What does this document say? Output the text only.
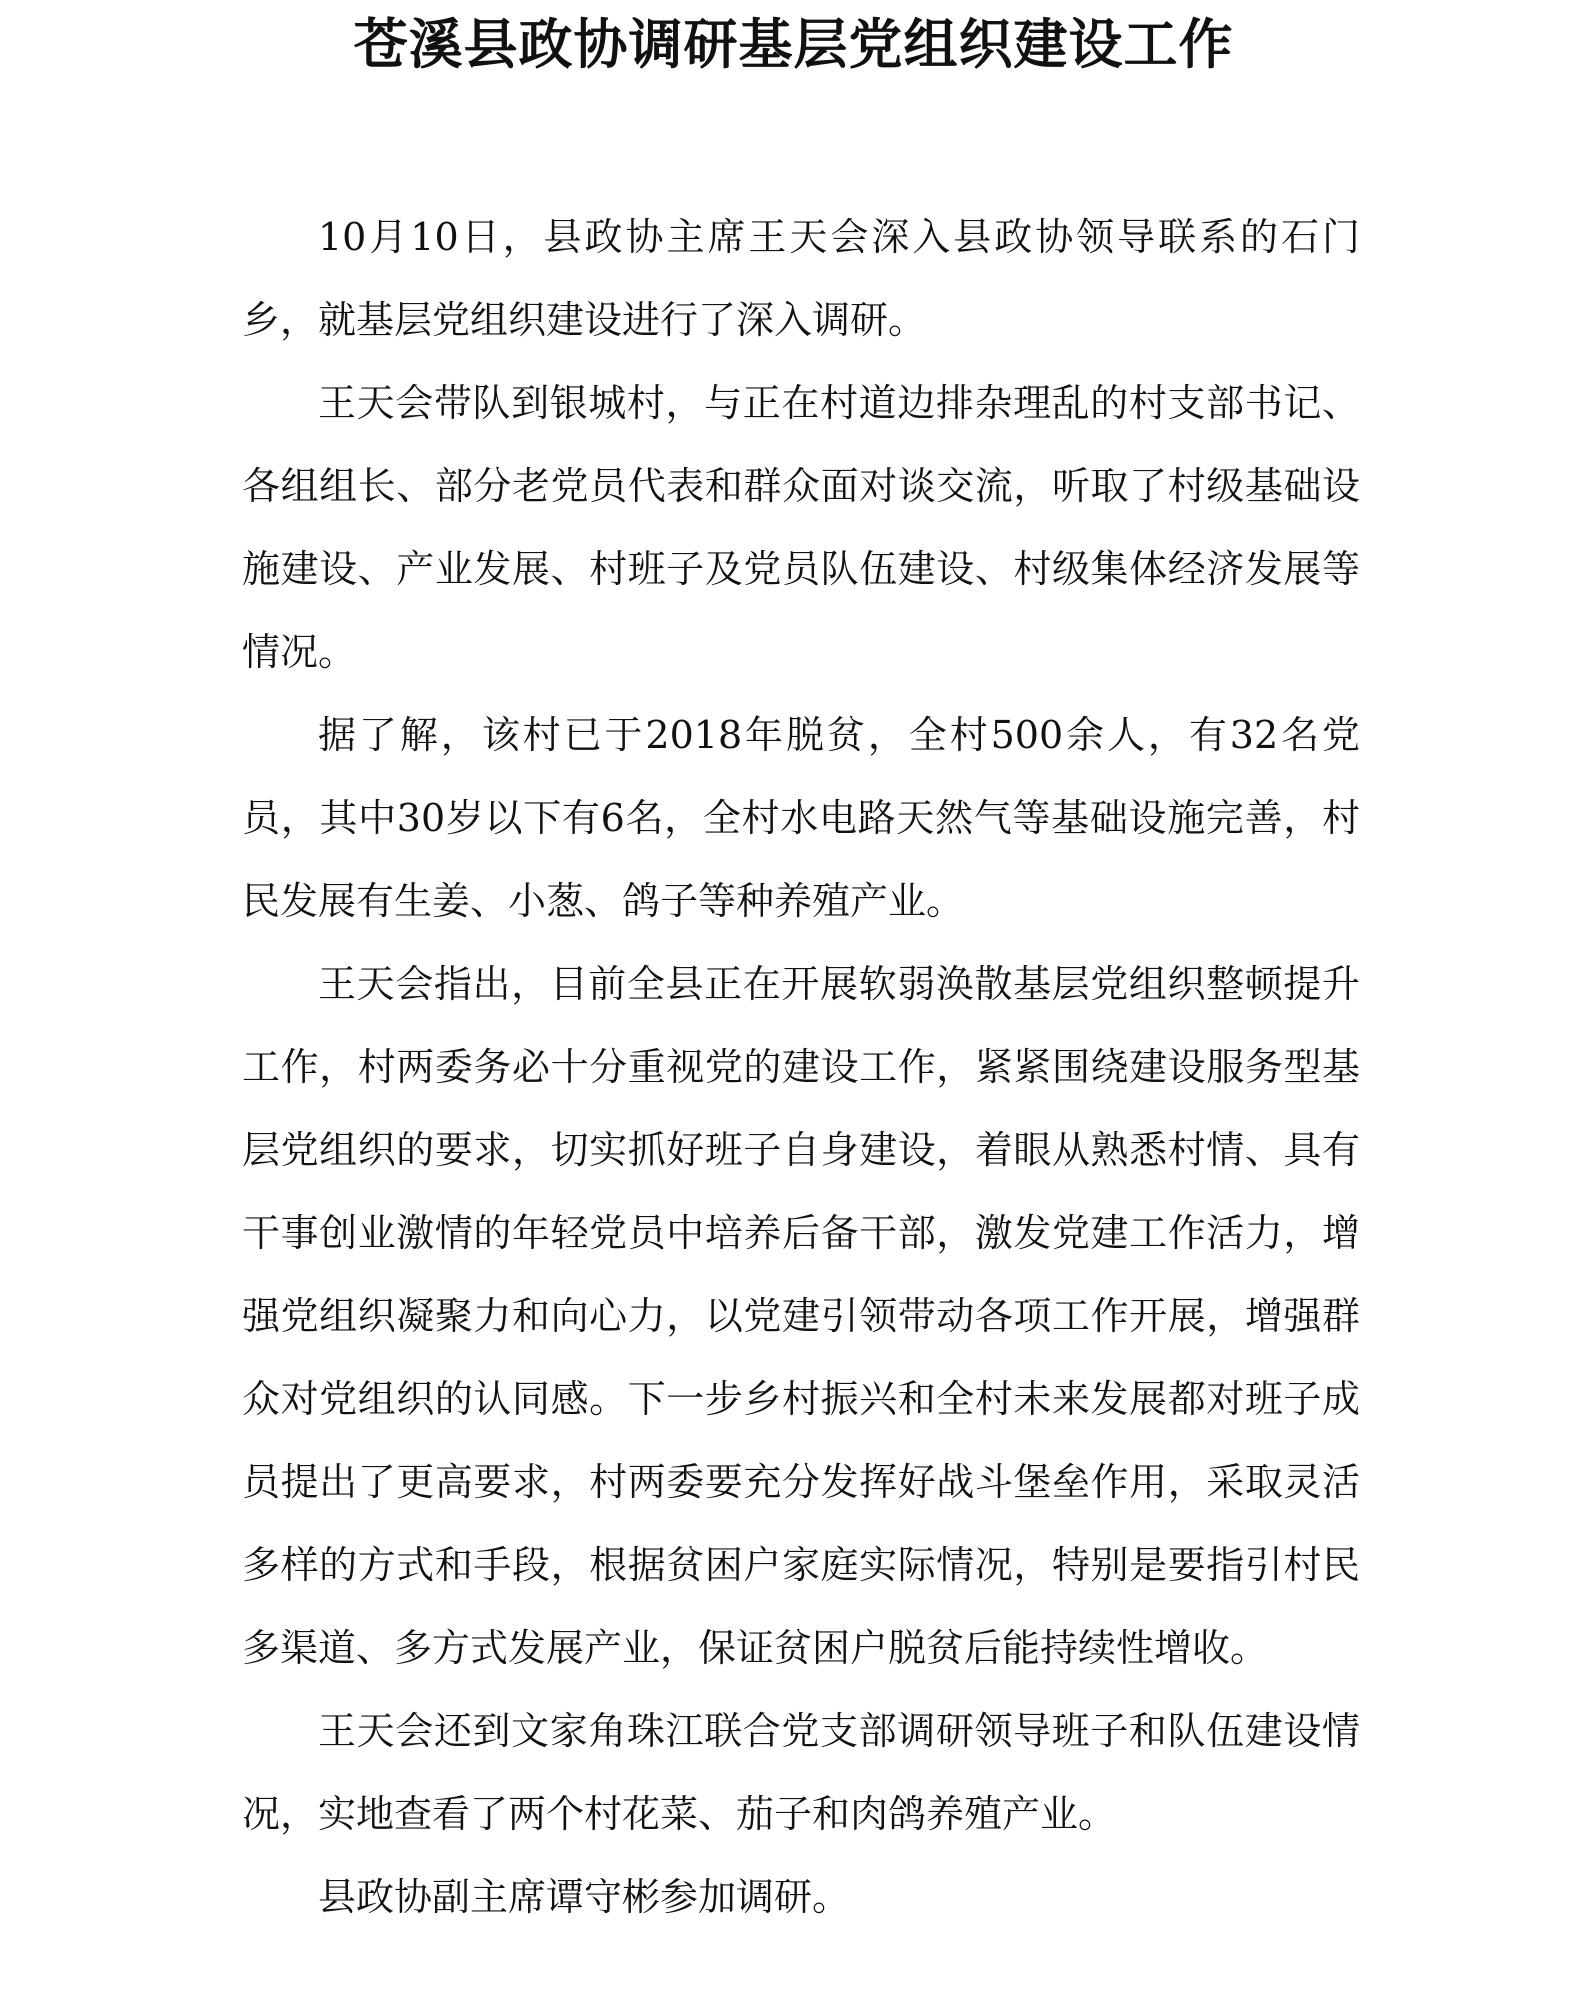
苍溪县政协调研基层党组织建设工作

10月10日，县政协主席王天会深入县政协领导联系的石门乡，就基层党组织建设进行了深入调研。

王天会带队到银城村，与正在村道边排杂理乱的村支部书记、各组组长、部分老党员代表和群众面对谈交流，听取了村级基础设施建设、产业发展、村班子及党员队伍建设、村级集体经济发展等情况。

据了解，该村已于2018年脱贫，全村500余人，有32名党员，其中30岁以下有6名，全村水电路天然气等基础设施完善，村民发展有生姜、小葱、鸽子等种养殖产业。

王天会指出，目前全县正在开展软弱涣散基层党组织整顿提升工作，村两委务必十分重视党的建设工作，紧紧围绕建设服务型基层党组织的要求，切实抓好班子自身建设，着眼从熟悉村情、具有干事创业激情的年轻党员中培养后备干部，激发党建工作活力，增强党组织凝聚力和向心力，以党建引领带动各项工作开展，增强群众对党组织的认同感。下一步乡村振兴和全村未来发展都对班子成员提出了更高要求，村两委要充分发挥好战斗堡垒作用，采取灵活多样的方式和手段，根据贫困户家庭实际情况，特别是要指引村民多渠道、多方式发展产业，保证贫困户脱贫后能持续性增收。

王天会还到文家角珠江联合党支部调研领导班子和队伍建设情况，实地查看了两个村花菜、茄子和肉鸽养殖产业。

县政协副主席谭守彬参加调研。
